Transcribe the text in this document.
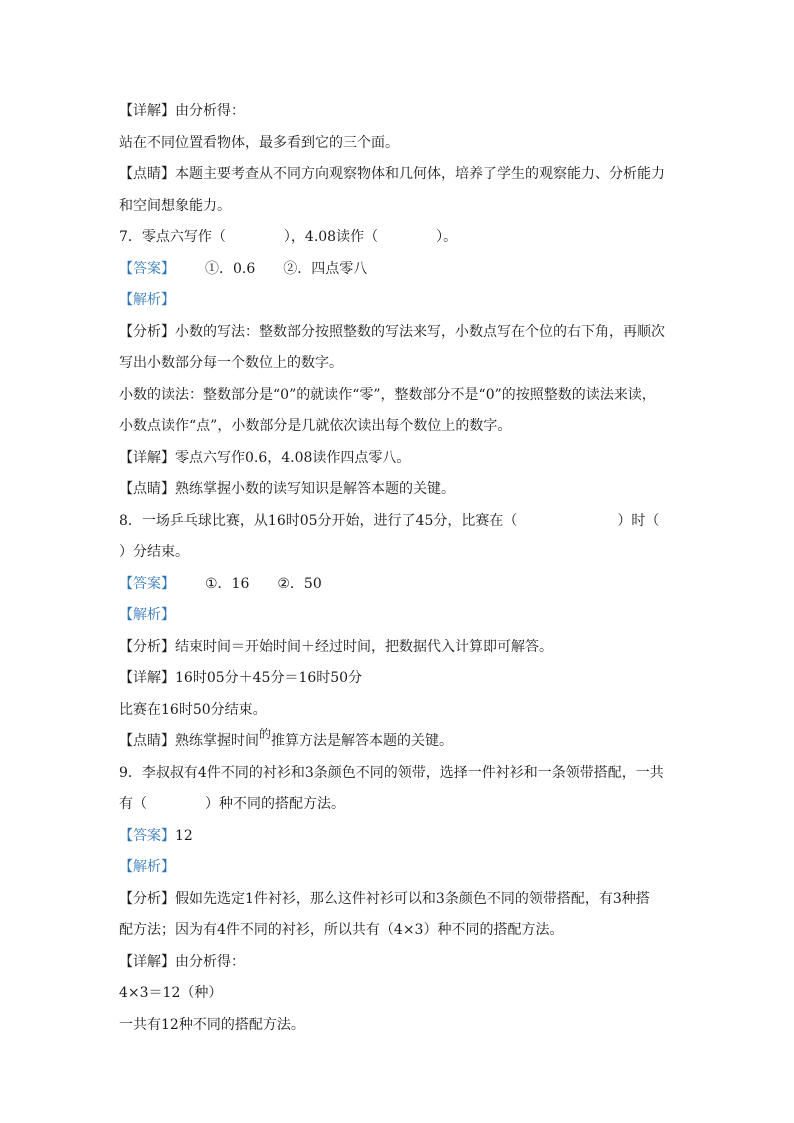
【详解】由分析得：
站在不同位置看物体，最多看到它的三个面。
【点睛】本题主要考查从不同方向观察物体和几何体，培养了学生的观察能力、分析能力
和空间想象能力。
7．零点六写作（	），4.08读作（	）。
【答案】 ①．0.6　　②．四点零八
【解析】
【分析】小数的写法：整数部分按照整数的写法来写，小数点写在个位的右下角，再顺次
写出小数部分每一个数位上的数字。
小数的读法：整数部分是“0”的就读作“零”，整数部分不是“0”的按照整数的读法来读，
小数点读作“点”，小数部分是几就依次读出每个数位上的数字。
【详解】零点六写作0.6，4.08读作四点零八。
【点睛】熟练掌握小数的读写知识是解答本题的关键。
8．一场乒乓球比赛，从16时05分开始，进行了45分，比赛在（	）时（
）分结束。
【答案】 ①．16　　②．50
【解析】
【分析】结束时间＝开始时间＋经过时间，把数据代入计算即可解答。
【详解】16时05分＋45分＝16时50分
比赛在16时50分结束。
【点睛】熟练掌握时间的推算方法是解答本题的关键。
9．李叔叔有4件不同的衬衫和3条颜色不同的领带，选择一件衬衫和一条领带搭配，一共
有（	）种不同的搭配方法。
【答案】12
【解析】
【分析】假如先选定1件衬衫，那么这件衬衫可以和3条颜色不同的领带搭配，有3种搭
配方法；因为有4件不同的衬衫，所以共有（4×3）种不同的搭配方法。
【详解】由分析得：
4×3＝12（种）
一共有12种不同的搭配方法。
